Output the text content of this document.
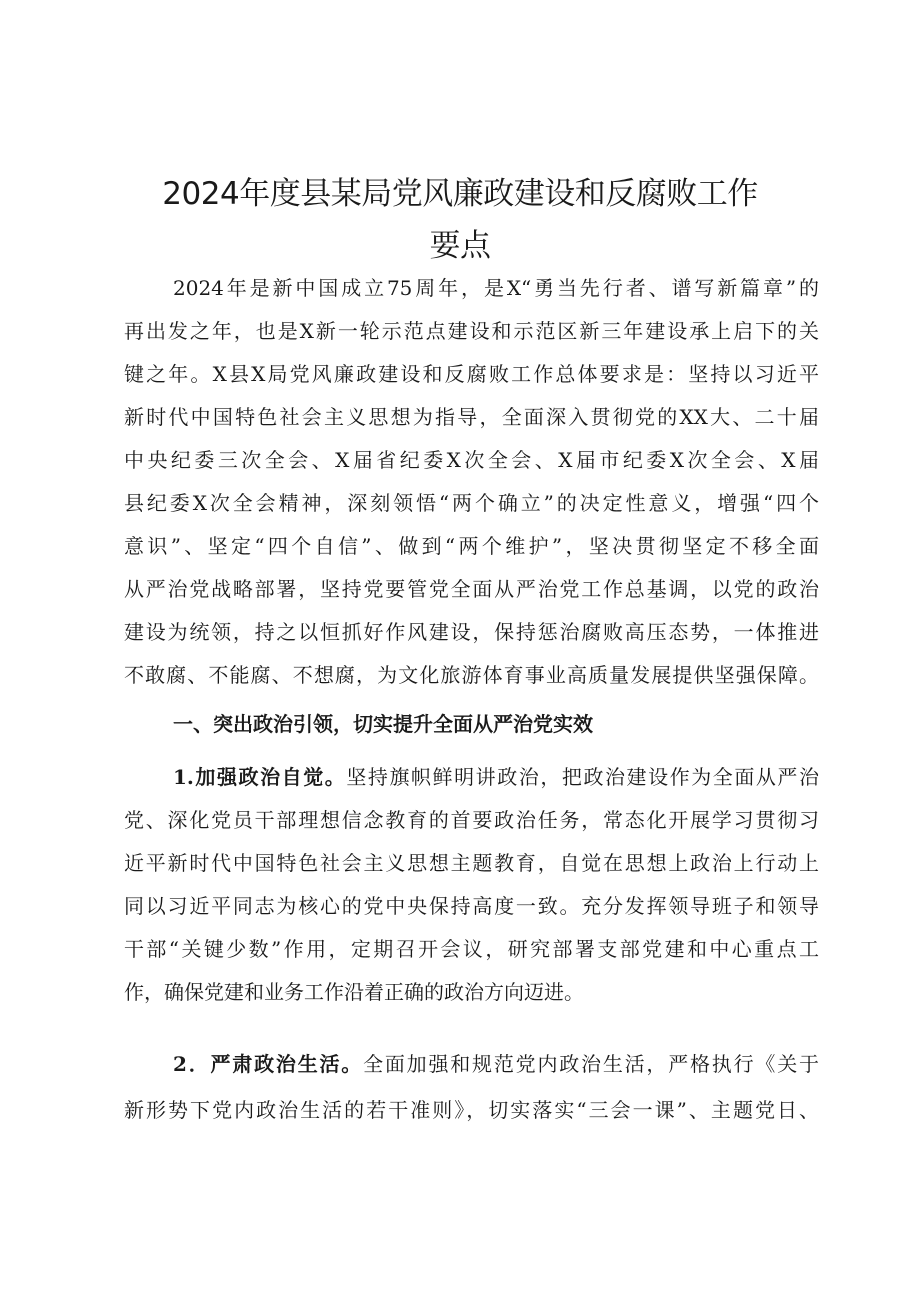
2024年度县某局党风廉政建设和反腐败工作
要点
2024年是新中国成立75周年，是X“勇当先行者、谱写新篇章”的
再出发之年，也是X新一轮示范点建设和示范区新三年建设承上启下的关
键之年。X县X局党风廉政建设和反腐败工作总体要求是：坚持以习近平
新时代中国特色社会主义思想为指导，全面深入贯彻党的XX大、二十届
中央纪委三次全会、X届省纪委X次全会、X届市纪委X次全会、X届
县纪委X次全会精神，深刻领悟“两个确立”的决定性意义，增强“四个
意识”、坚定“四个自信”、做到“两个维护”，坚决贯彻坚定不移全面
从严治党战略部署，坚持党要管党全面从严治党工作总基调，以党的政治
建设为统领，持之以恒抓好作风建设，保持惩治腐败高压态势，一体推进
不敢腐、不能腐、不想腐，为文化旅游体育事业高质量发展提供坚强保障。
一、突出政治引领，切实提升全面从严治党实效
1.加强政治自觉。坚持旗帜鲜明讲政治，把政治建设作为全面从严治
党、深化党员干部理想信念教育的首要政治任务，常态化开展学习贯彻习
近平新时代中国特色社会主义思想主题教育，自觉在思想上政治上行动上
同以习近平同志为核心的党中央保持高度一致。充分发挥领导班子和领导
干部“关键少数”作用，定期召开会议，研究部署支部党建和中心重点工
作，确保党建和业务工作沿着正确的政治方向迈进。
2．严肃政治生活。全面加强和规范党内政治生活，严格执行《关于
新形势下党内政治生活的若干准则》，切实落实“三会一课”、主题党日、
